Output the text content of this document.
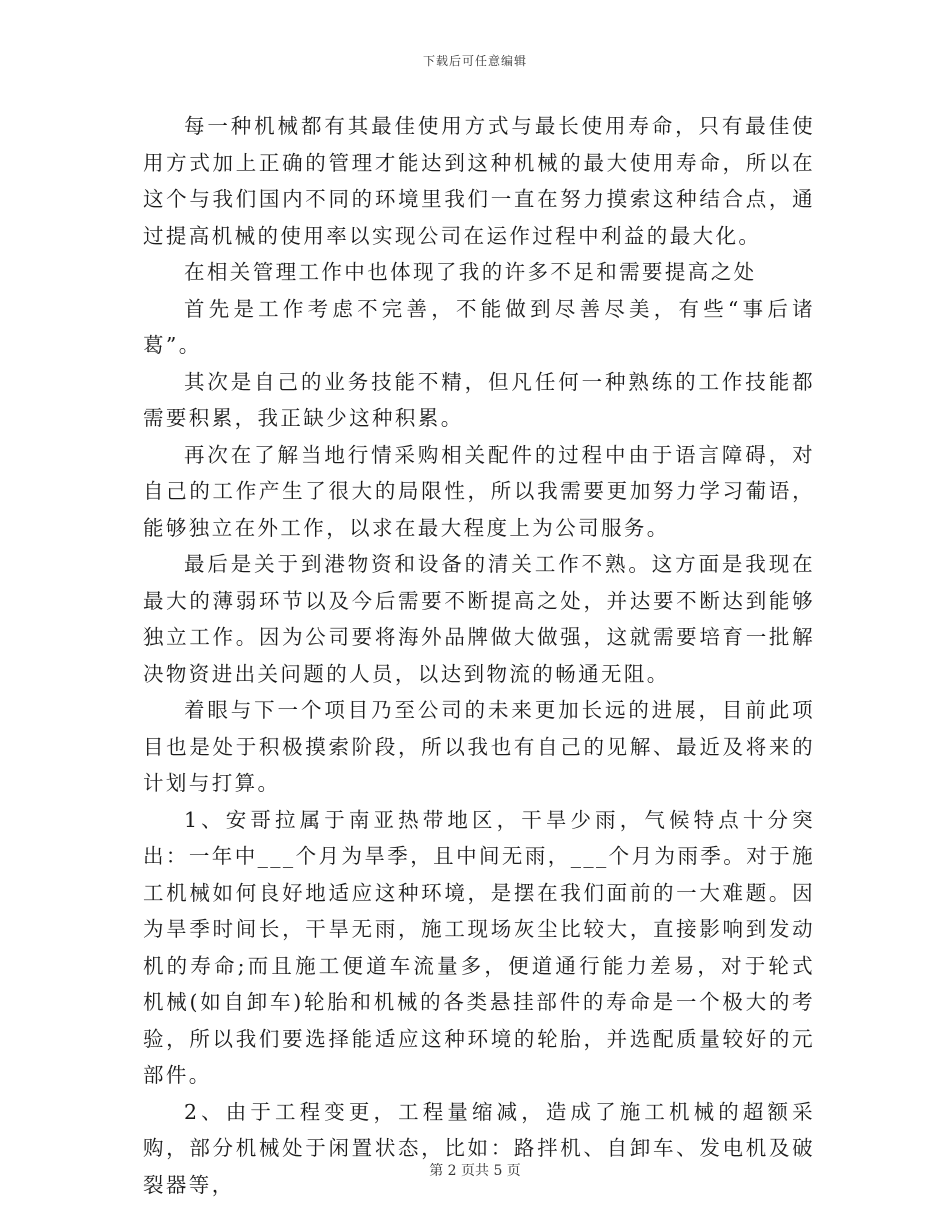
下载后可任意编辑

每一种机械都有其最佳使用方式与最长使用寿命，只有最佳使用方式加上正确的管理才能达到这种机械的最大使用寿命，所以在这个与我们国内不同的环境里我们一直在努力摸索这种结合点，通过提高机械的使用率以实现公司在运作过程中利益的最大化。

在相关管理工作中也体现了我的许多不足和需要提高之处

首先是工作考虑不完善，不能做到尽善尽美，有些“事后诸葛”。

其次是自己的业务技能不精，但凡任何一种熟练的工作技能都需要积累，我正缺少这种积累。

再次在了解当地行情采购相关配件的过程中由于语言障碍，对自己的工作产生了很大的局限性，所以我需要更加努力学习葡语，能够独立在外工作，以求在最大程度上为公司服务。

最后是关于到港物资和设备的清关工作不熟。这方面是我现在最大的薄弱环节以及今后需要不断提高之处，并达要不断达到能够独立工作。因为公司要将海外品牌做大做强，这就需要培育一批解决物资进出关问题的人员，以达到物流的畅通无阻。

着眼与下一个项目乃至公司的未来更加长远的进展，目前此项目也是处于积极摸索阶段，所以我也有自己的见解、最近及将来的计划与打算。

1、安哥拉属于南亚热带地区，干旱少雨，气候特点十分突出：一年中___个月为旱季，且中间无雨，___个月为雨季。对于施工机械如何良好地适应这种环境，是摆在我们面前的一大难题。因为旱季时间长，干旱无雨，施工现场灰尘比较大，直接影响到发动机的寿命;而且施工便道车流量多，便道通行能力差易，对于轮式机械(如自卸车)轮胎和机械的各类悬挂部件的寿命是一个极大的考验，所以我们要选择能适应这种环境的轮胎，并选配质量较好的元部件。

2、由于工程变更，工程量缩减，造成了施工机械的超额采购，部分机械处于闲置状态，比如：路拌机、自卸车、发电机及破裂器等，

第 2 页共 5 页
